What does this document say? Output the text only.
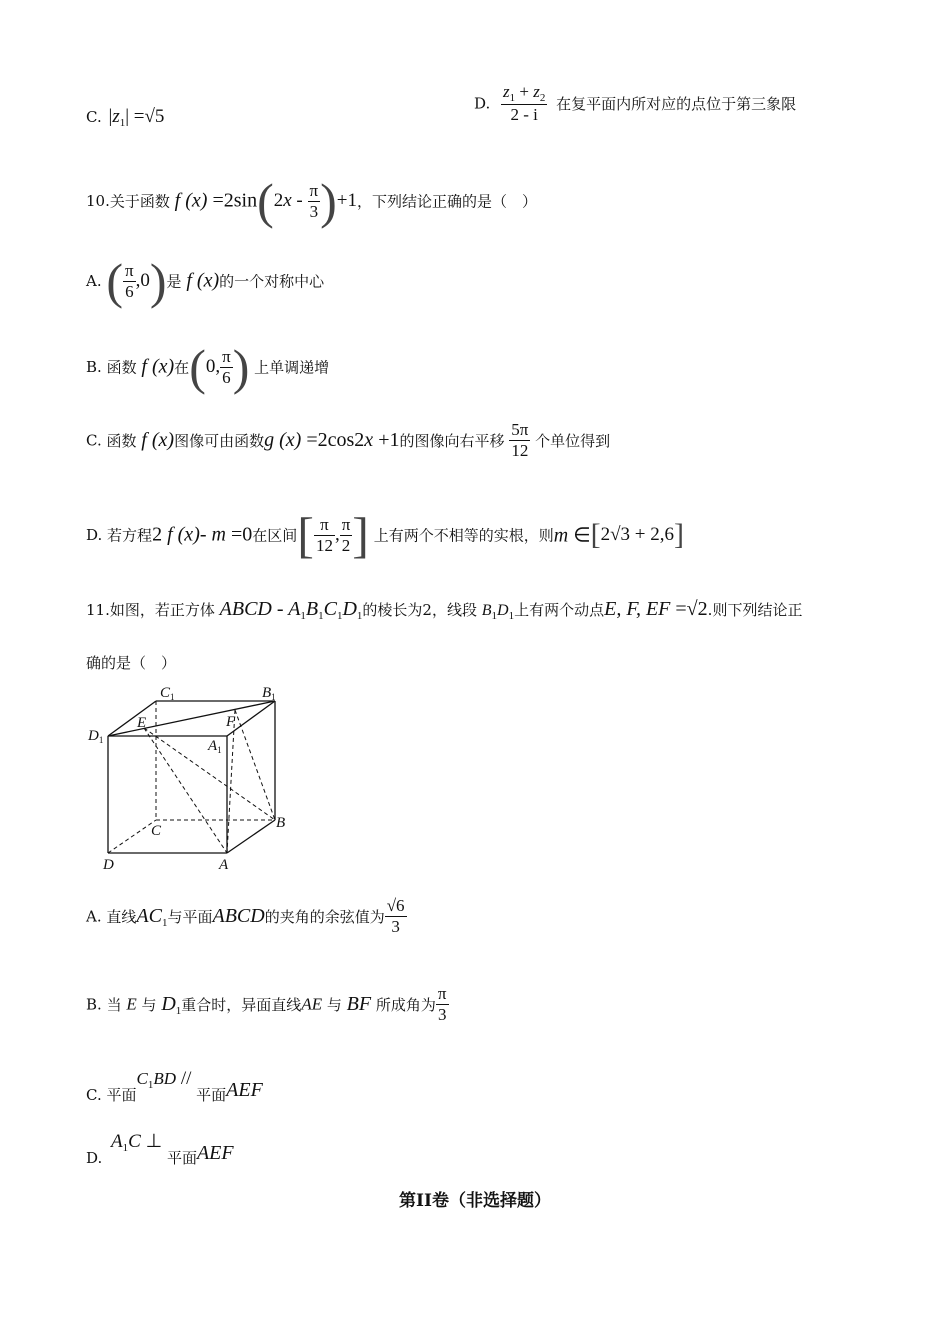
C. $|z_1| =√5$
D. $\frac{z_1 + z_2}{2 - i}$ 在复平面内所对应的点位于第三象限
10.关于函数 f $(x) =2\sin(2x - \frac{\pi}{3} )+1$，下列结论正确的是（　）
A. ( $\frac{\pi}{6} ,0$)是 f (x)的一个对称中心
B. 函数 f (x)在(0, $\frac{\pi}{6}$ ) 上单调递增
C. 函数 f (x)图像可由函数g (x) =2cos2x +1的图像向右平移 $\frac{5\pi}{12}$ 个单位得到
D. 若方程2 f (x)- m =0在区间[ $\frac{\pi}{12}$ , $\frac{\pi}{2}$ ] 上有两个不相等的实根，则m ∈[2√3 + 2,6]
11.如图，若正方体 ABCD - $A_1B_1C_1D_1$的棱长为2，线段 $B_1D_1$上有两个动点E, F, EF =√2.则下列结论正
确的是（　）
$C_1$	$B_1$
$D_1$	$A_1$
E	F
C	B
D	A
A. 直线$AC_1$与平面ABCD的夹角的余弦值为 $\frac{√6}{3}$
B. 当 E 与 $D_1$重合时，异面直线AE 与 BF 所成角为 $\frac{\pi}{3}$
C. 平面$C_1BD$ // 平面AEF
D. $A_1C$ ⊥ 平面AEF
第II卷（非选择题）
